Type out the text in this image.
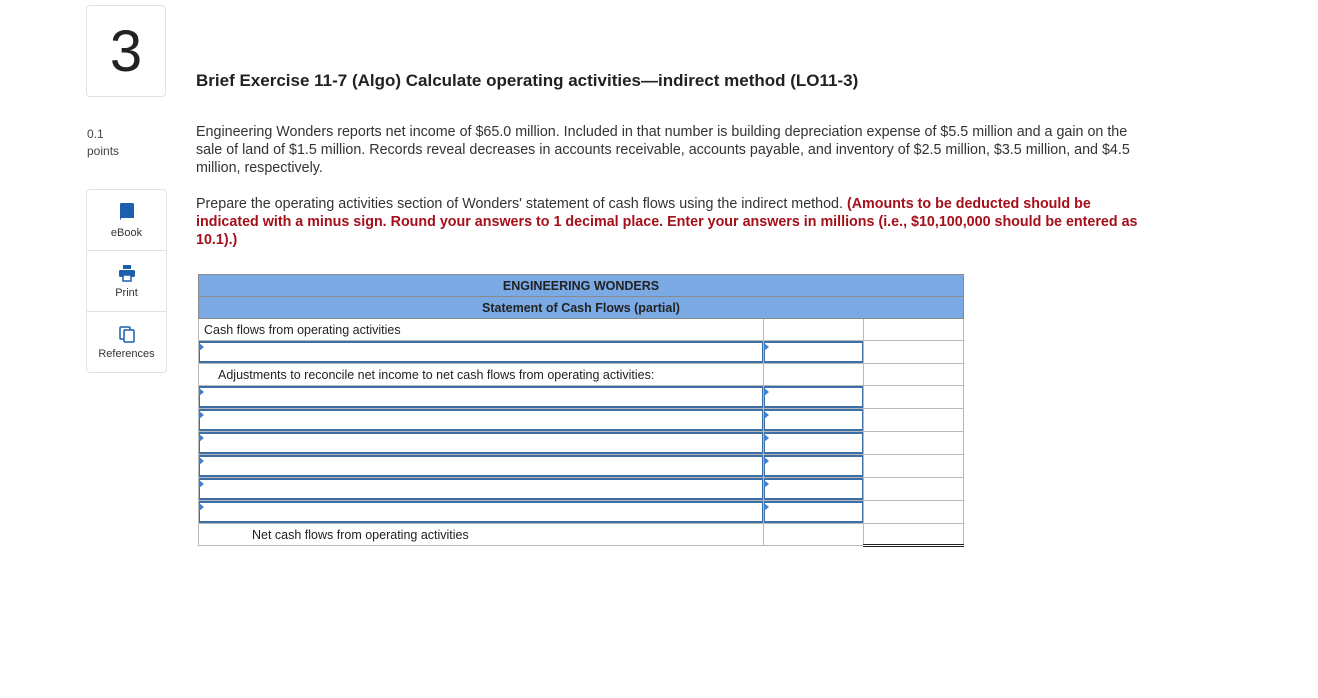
3
0.1
points
eBook
Print
References
Brief Exercise 11-7 (Algo) Calculate operating activities—indirect method (LO11-3)
Engineering Wonders reports net income of $65.0 million. Included in that number is building depreciation expense of $5.5 million and a gain on the sale of land of $1.5 million. Records reveal decreases in accounts receivable, accounts payable, and inventory of $2.5 million, $3.5 million, and $4.5 million, respectively.
Prepare the operating activities section of Wonders' statement of cash flows using the indirect method. (Amounts to be deducted should be indicated with a minus sign. Round your answers to 1 decimal place. Enter your answers in millions (i.e., $10,100,000 should be entered as 10.1).)
ENGINEERING WONDERS		
Statement of Cash Flows (partial)		

Cash flows from operating activities		

Adjustments to reconcile net income to net cash flows from operating activities:		

Net cash flows from operating activities		
